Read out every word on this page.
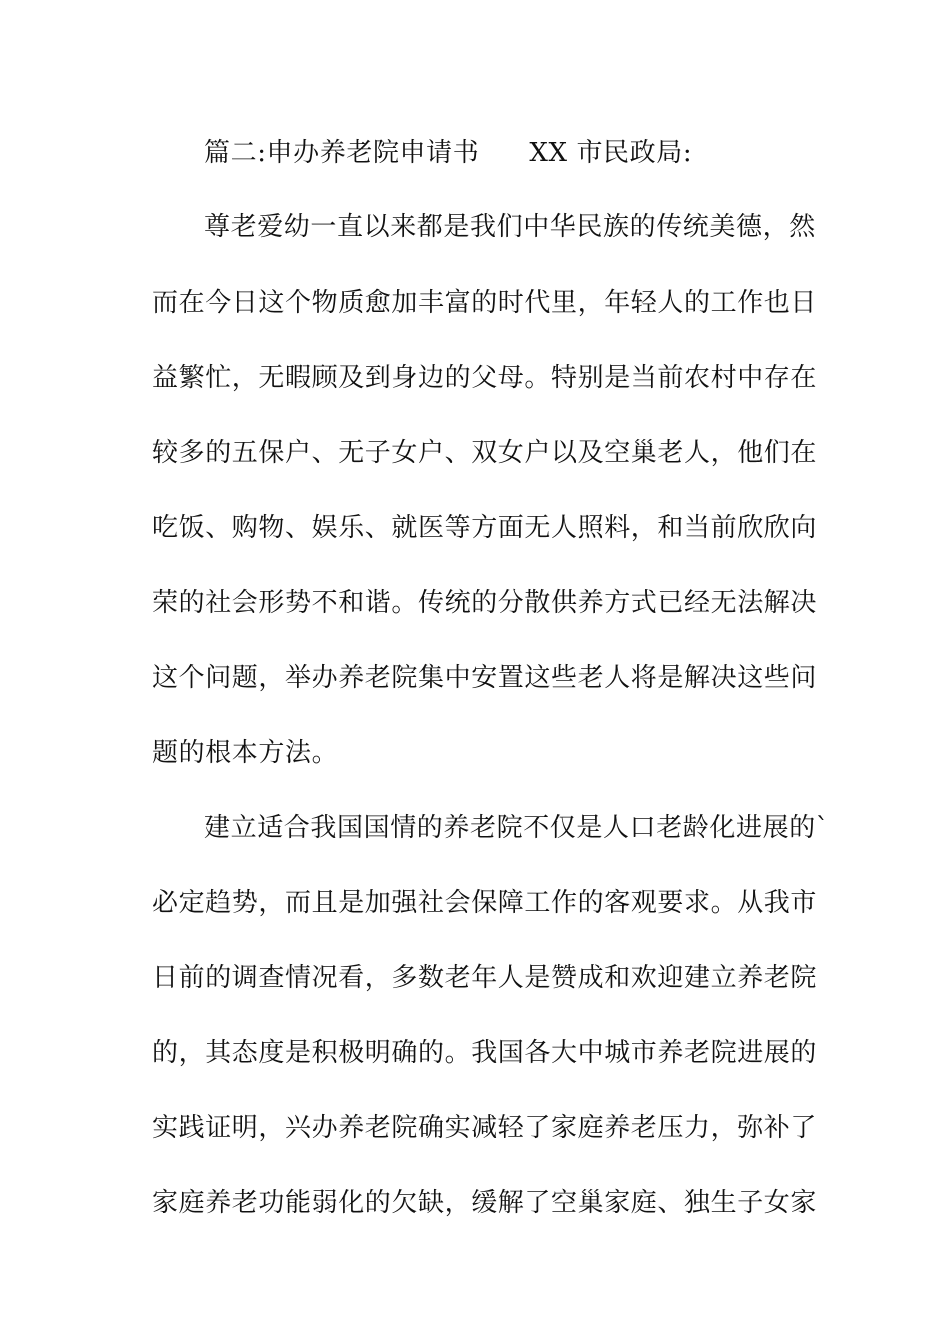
篇二:申办养老院申请书 XX 市民政局:
尊老爱幼一直以来都是我们中华民族的传统美德，然
而在今日这个物质愈加丰富的时代里，年轻人的工作也日
益繁忙，无暇顾及到身边的父母。特别是当前农村中存在
较多的五保户、无子女户、双女户以及空巢老人，他们在
吃饭、购物、娱乐、就医等方面无人照料，和当前欣欣向
荣的社会形势不和谐。传统的分散供养方式已经无法解决
这个问题，举办养老院集中安置这些老人将是解决这些问
题的根本方法。
建立适合我国国情的养老院不仅是人口老龄化进展的`
必定趋势，而且是加强社会保障工作的客观要求。从我市
日前的调查情况看，多数老年人是赞成和欢迎建立养老院
的，其态度是积极明确的。我国各大中城市养老院进展的
实践证明，兴办养老院确实减轻了家庭养老压力，弥补了
家庭养老功能弱化的欠缺，缓解了空巢家庭、独生子女家
